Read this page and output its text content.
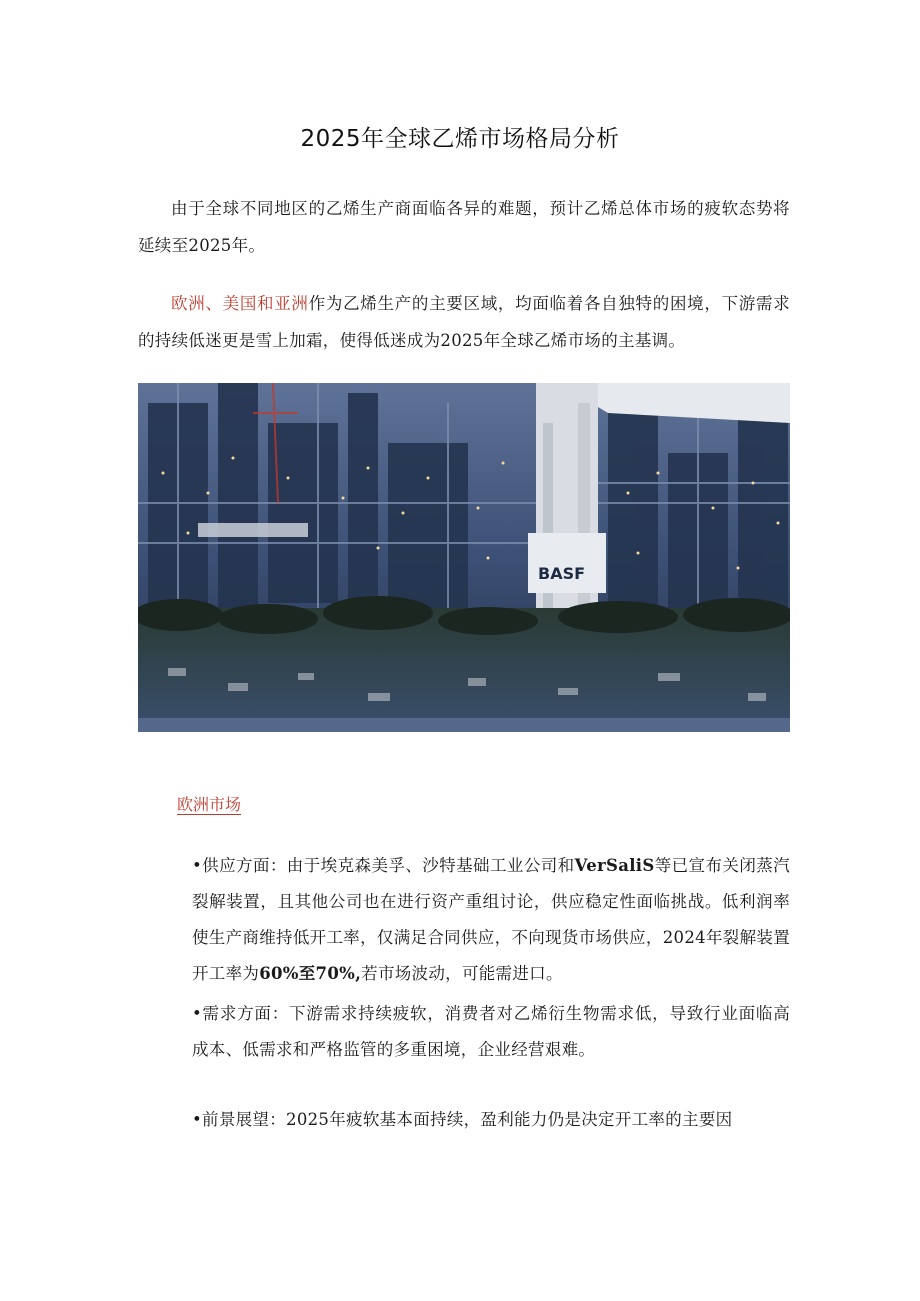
2025年全球乙烯市场格局分析

由于全球不同地区的乙烯生产商面临各异的难题，预计乙烯总体市场的疲软态势将延续至2025年。

欧洲、美国和亚洲作为乙烯生产的主要区域，均面临着各自独特的困境，下游需求的持续低迷更是雪上加霜，使得低迷成为2025年全球乙烯市场的主基调。

BASF
欧洲市场

•供应方面：由于埃克森美孚、沙特基础工业公司和VerSaliS等已宣布关闭蒸汽裂解装置，且其他公司也在进行资产重组讨论，供应稳定性面临挑战。低利润率使生产商维持低开工率，仅满足合同供应，不向现货市场供应，2024年裂解装置开工率为60%至70%,若市场波动，可能需进口。

•需求方面：下游需求持续疲软，消费者对乙烯衍生物需求低，导致行业面临高成本、低需求和严格监管的多重困境，企业经营艰难。

•前景展望：2025年疲软基本面持续，盈利能力仍是决定开工率的主要因
